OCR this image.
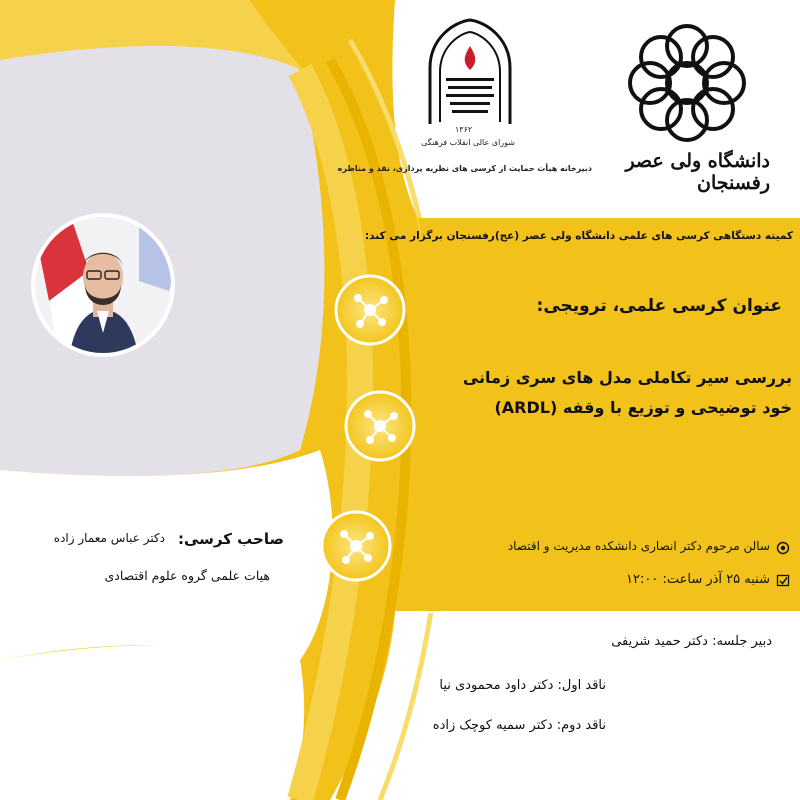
دانشگاه ولی عصر رفسنجان
۱۳۶۲
شورای عالی انقلاب فرهنگی
دبیرخانه هیأت حمایت از کرسی های نظریه پردازی، نقد و مناظره
کمیته دستگاهی کرسی های علمی دانشگاه ولی عصر (عج)رفسنجان برگزار می کند:
عنوان کرسی علمی، ترویجی:
بررسی سیر تکاملی مدل های سری زمانی
خود توضیحی و توزیع با وقفه (ARDL)
صاحب کرسی:
دکتر عباس معمار زاده
هیات علمی گروه علوم اقتصادی
سالن مرحوم دکتر انصاری دانشکده مدیریت و اقتصاد
شنبه ۲۵ آذر ساعت: ۱۲:۰۰
دبیر جلسه: دکتر حمید شریفی
ناقد اول: دکتر داود محمودی نیا
ناقد دوم: دکتر سمیه کوچک زاده
